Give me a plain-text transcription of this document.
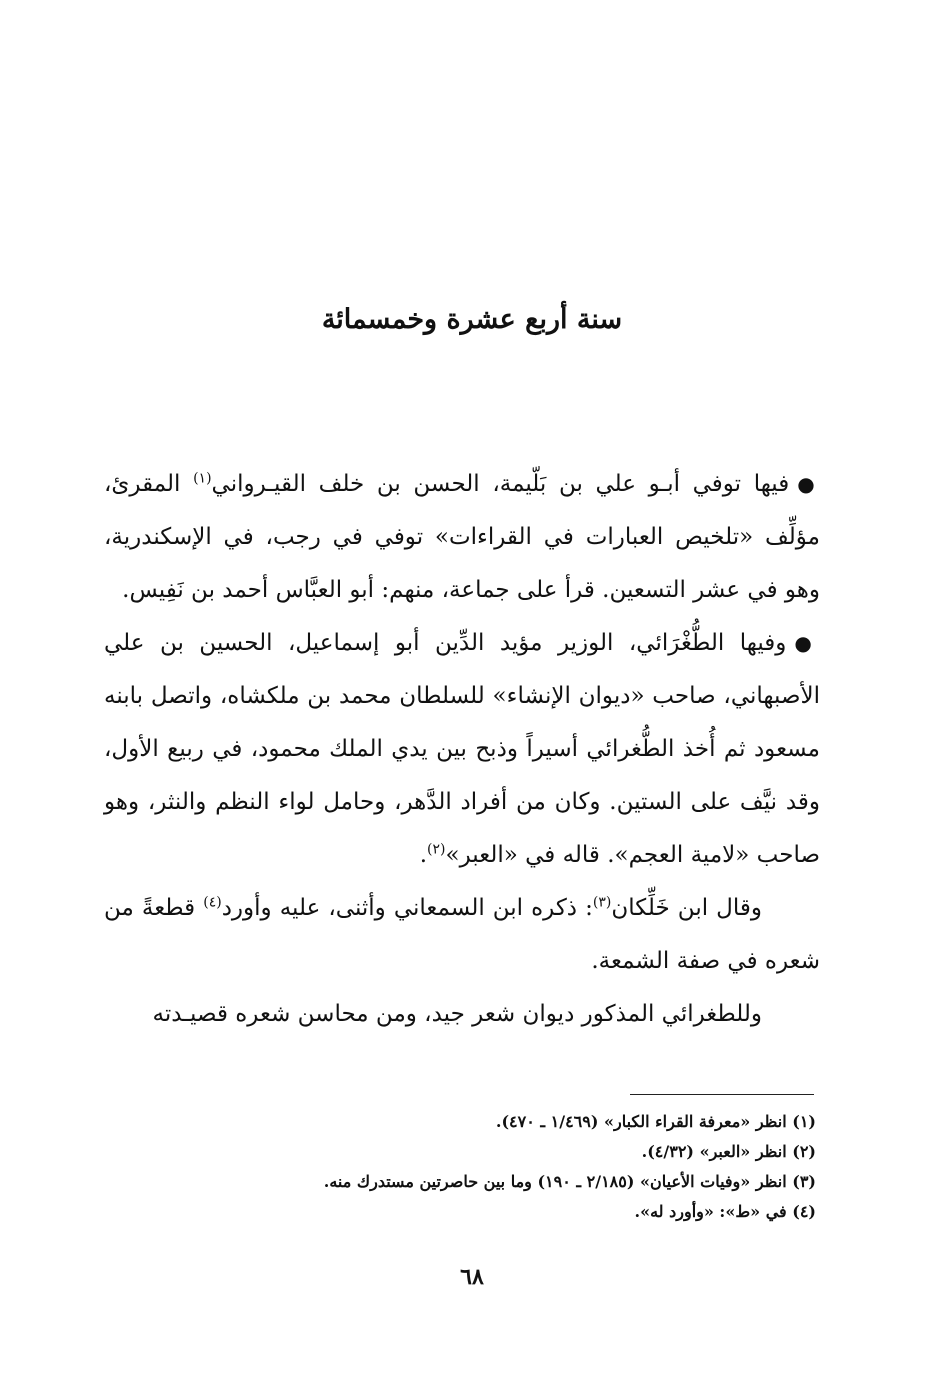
سنة أربع عشرة وخمسمائة

●فيها توفي أبـو علي بن بَلّيمة، الحسن بن خلف القيـرواني$^{(١)}$ المقرئ، مؤلِّف «تلخيص العبارات في القراءات» توفي في رجب، في الإسكندرية، وهو في عشر التسعين. قرأ على جماعة، منهم: أبو العبَّاس أحمد بن نَفِيس.

●وفيها الطُّغْرَائي، الوزير مؤيد الدِّين أبو إسماعيل، الحسين بن علي الأصبهاني، صاحب «ديوان الإنشاء» للسلطان محمد بن ملكشاه، واتصل بابنه مسعود ثم أُخذ الطُّغرائي أسيراً وذبح بين يدي الملك محمود، في ربيع الأول، وقد نيَّف على الستين. وكان من أفراد الدَّهر، وحامل لواء النظم والنثر، وهو صاحب «لامية العجم». قاله في «العبر»$^{(٢)}$.

وقال ابن خَلِّكان$^{(٣)}$: ذكره ابن السمعاني وأثنى، عليه وأورد$^{(٤)}$ قطعةً من شعره في صفة الشمعة.

وللطغرائي المذكور ديوان شعر جيد، ومن محاسن شعره قصيـدته

(١) انظر «معرفة القراء الكبار» (١/٤٦٩ ـ ٤٧٠).

(٢) انظر «العبر» (٤/٣٢).

(٣) انظر «وفيات الأعيان» (٢/١٨٥ ـ ١٩٠) وما بين حاصرتين مستدرك منه.

(٤) في «ط»: «وأورد له».

٦٨
